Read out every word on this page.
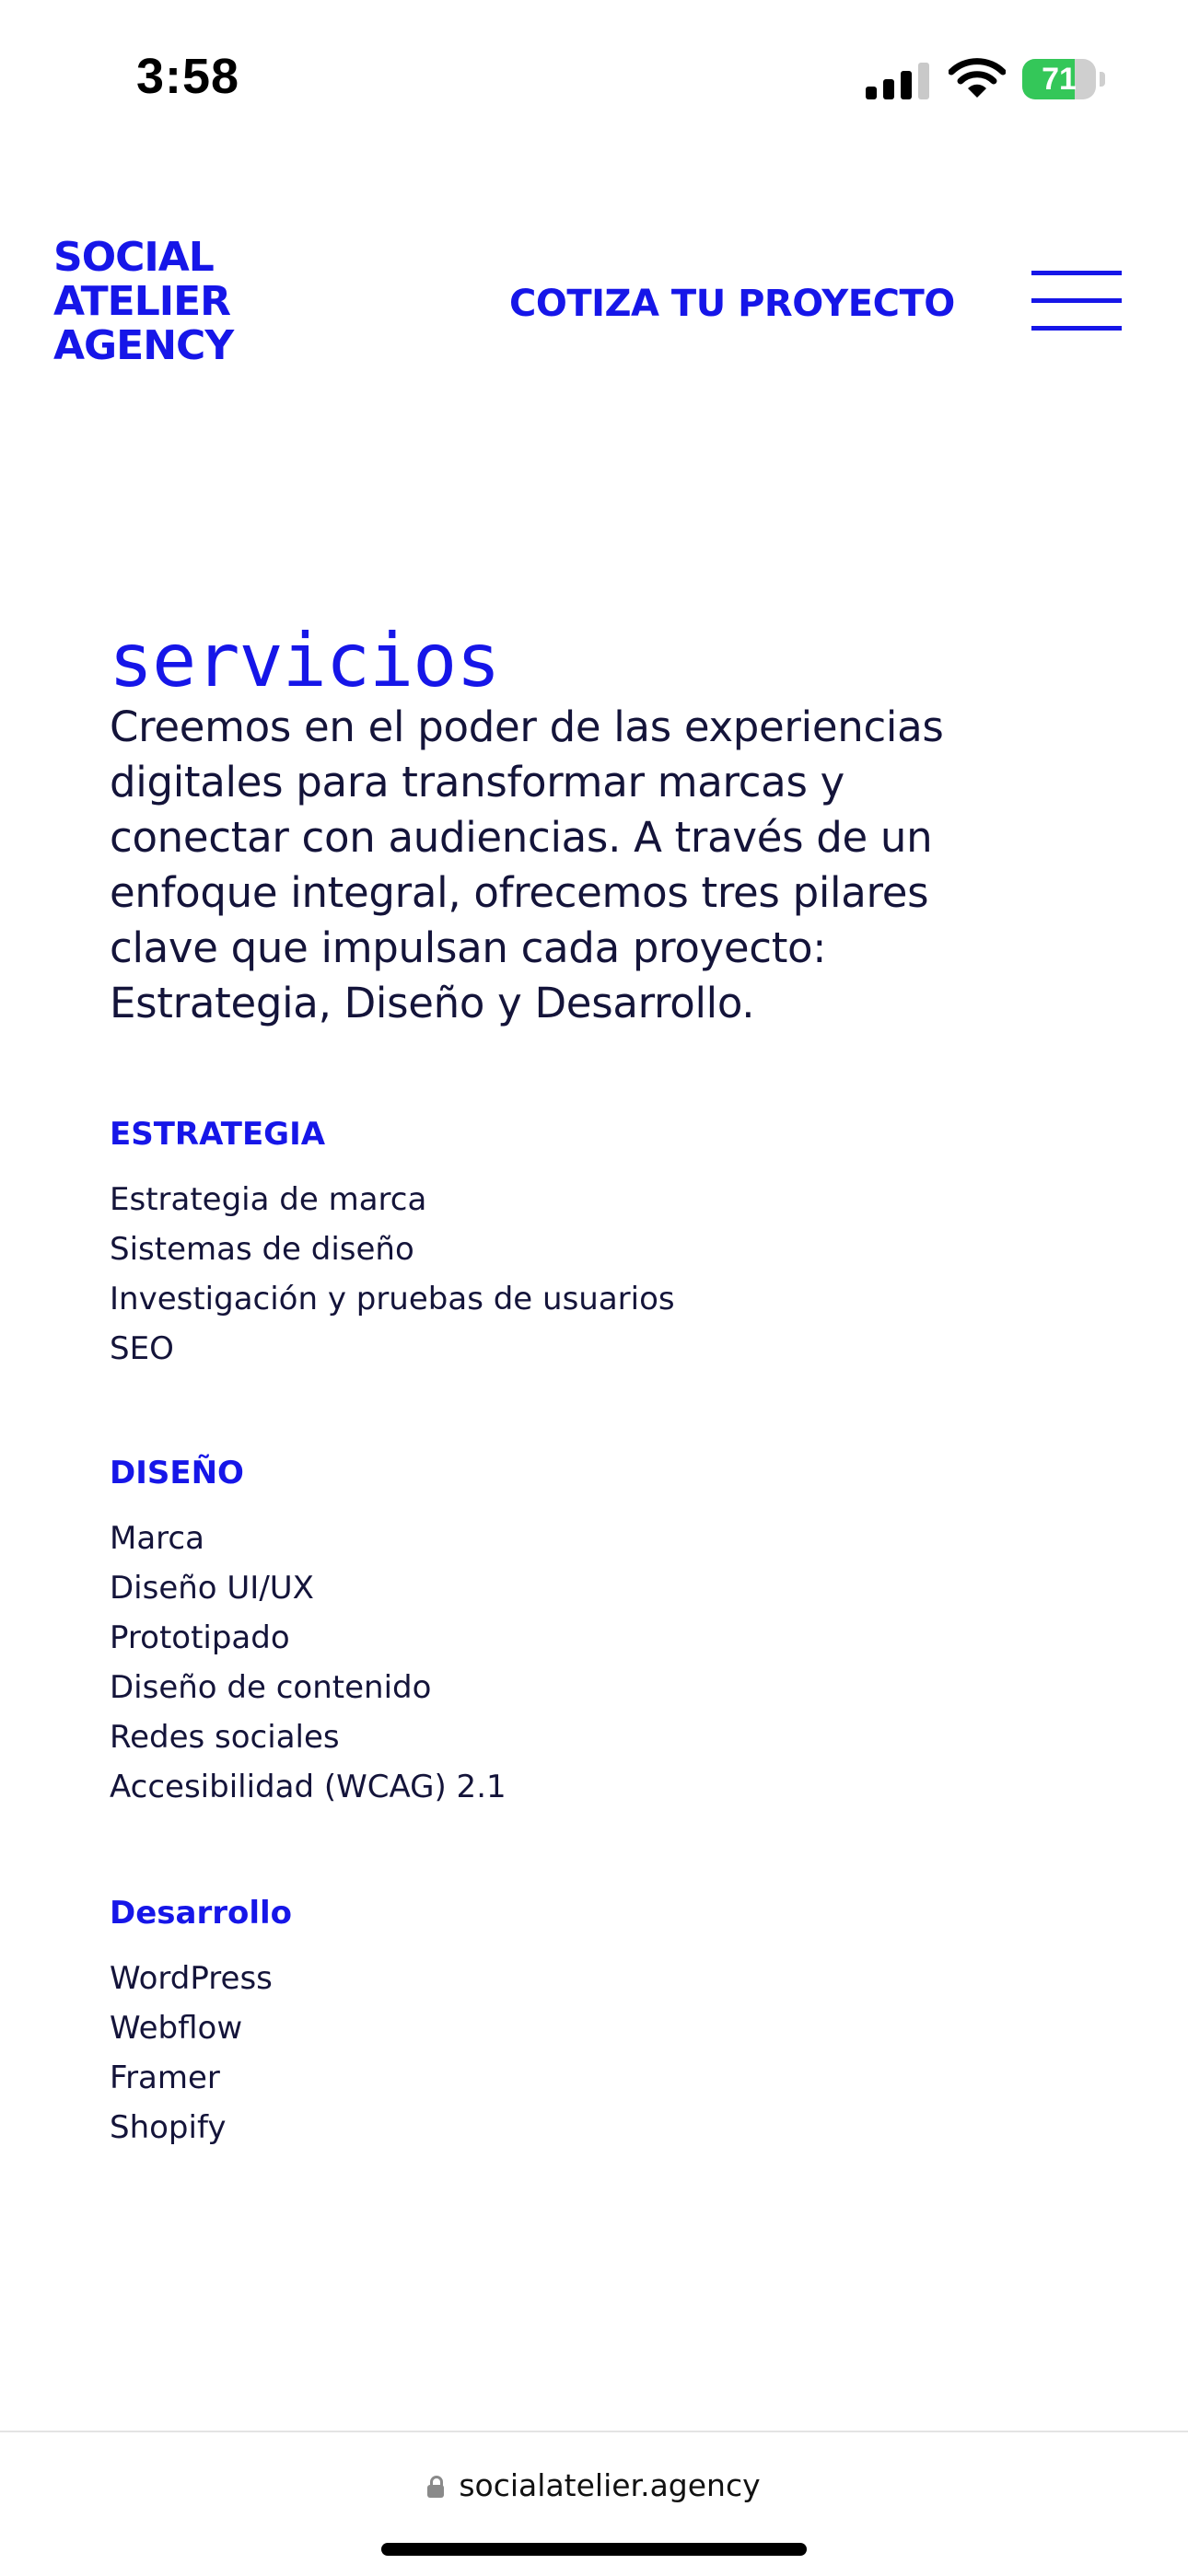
3:58	71
SOCIAL
ATELIER
AGENCY
COTIZA TU PROYECTO
servicios
Creemos en el poder de las experiencias
digitales para transformar marcas y
conectar con audiencias. A través de un
enfoque integral, ofrecemos tres pilares
clave que impulsan cada proyecto:
Estrategia, Diseño y Desarrollo.
ESTRATEGIA
Estrategia de marca
Sistemas de diseño
Investigación y pruebas de usuarios
SEO
DISEÑO
Marca
Diseño UI/UX
Prototipado
Diseño de contenido
Redes sociales
Accesibilidad (WCAG) 2.1
Desarrollo
WordPress
Webflow
Framer
Shopify
socialatelier.agency
